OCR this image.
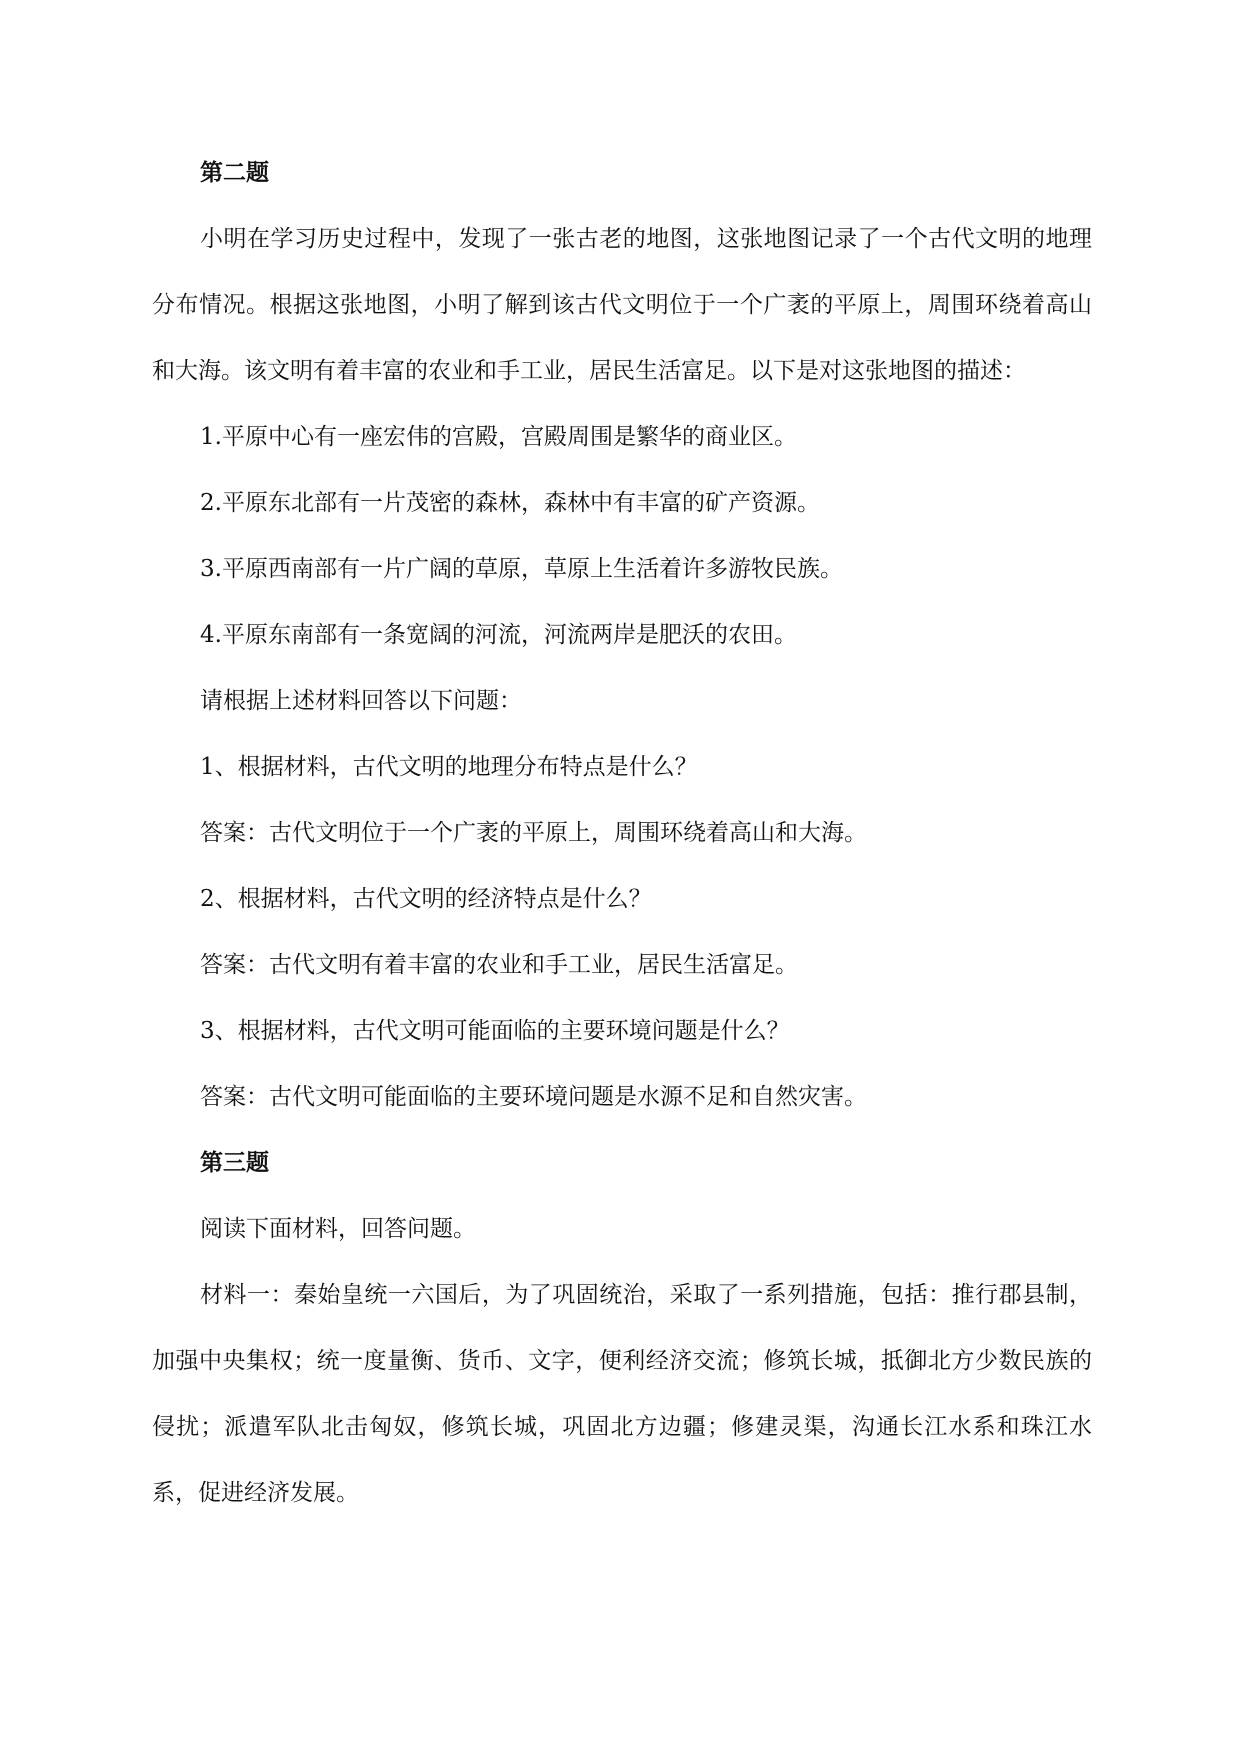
第二题

小明在学习历史过程中，发现了一张古老的地图，这张地图记录了一个古代文明的地理分布情况。根据这张地图，小明了解到该古代文明位于一个广袤的平原上，周围环绕着高山和大海。该文明有着丰富的农业和手工业，居民生活富足。以下是对这张地图的描述：

1.平原中心有一座宏伟的宫殿，宫殿周围是繁华的商业区。

2.平原东北部有一片茂密的森林，森林中有丰富的矿产资源。

3.平原西南部有一片广阔的草原，草原上生活着许多游牧民族。

4.平原东南部有一条宽阔的河流，河流两岸是肥沃的农田。

请根据上述材料回答以下问题：

1、根据材料，古代文明的地理分布特点是什么？

答案：古代文明位于一个广袤的平原上，周围环绕着高山和大海。

2、根据材料，古代文明的经济特点是什么？

答案：古代文明有着丰富的农业和手工业，居民生活富足。

3、根据材料，古代文明可能面临的主要环境问题是什么？

答案：古代文明可能面临的主要环境问题是水源不足和自然灾害。

第三题

阅读下面材料，回答问题。

材料一：秦始皇统一六国后，为了巩固统治，采取了一系列措施，包括：推行郡县制，加强中央集权；统一度量衡、货币、文字，便利经济交流；修筑长城，抵御北方少数民族的侵扰；派遣军队北击匈奴，修筑长城，巩固北方边疆；修建灵渠，沟通长江水系和珠江水系，促进经济发展。
